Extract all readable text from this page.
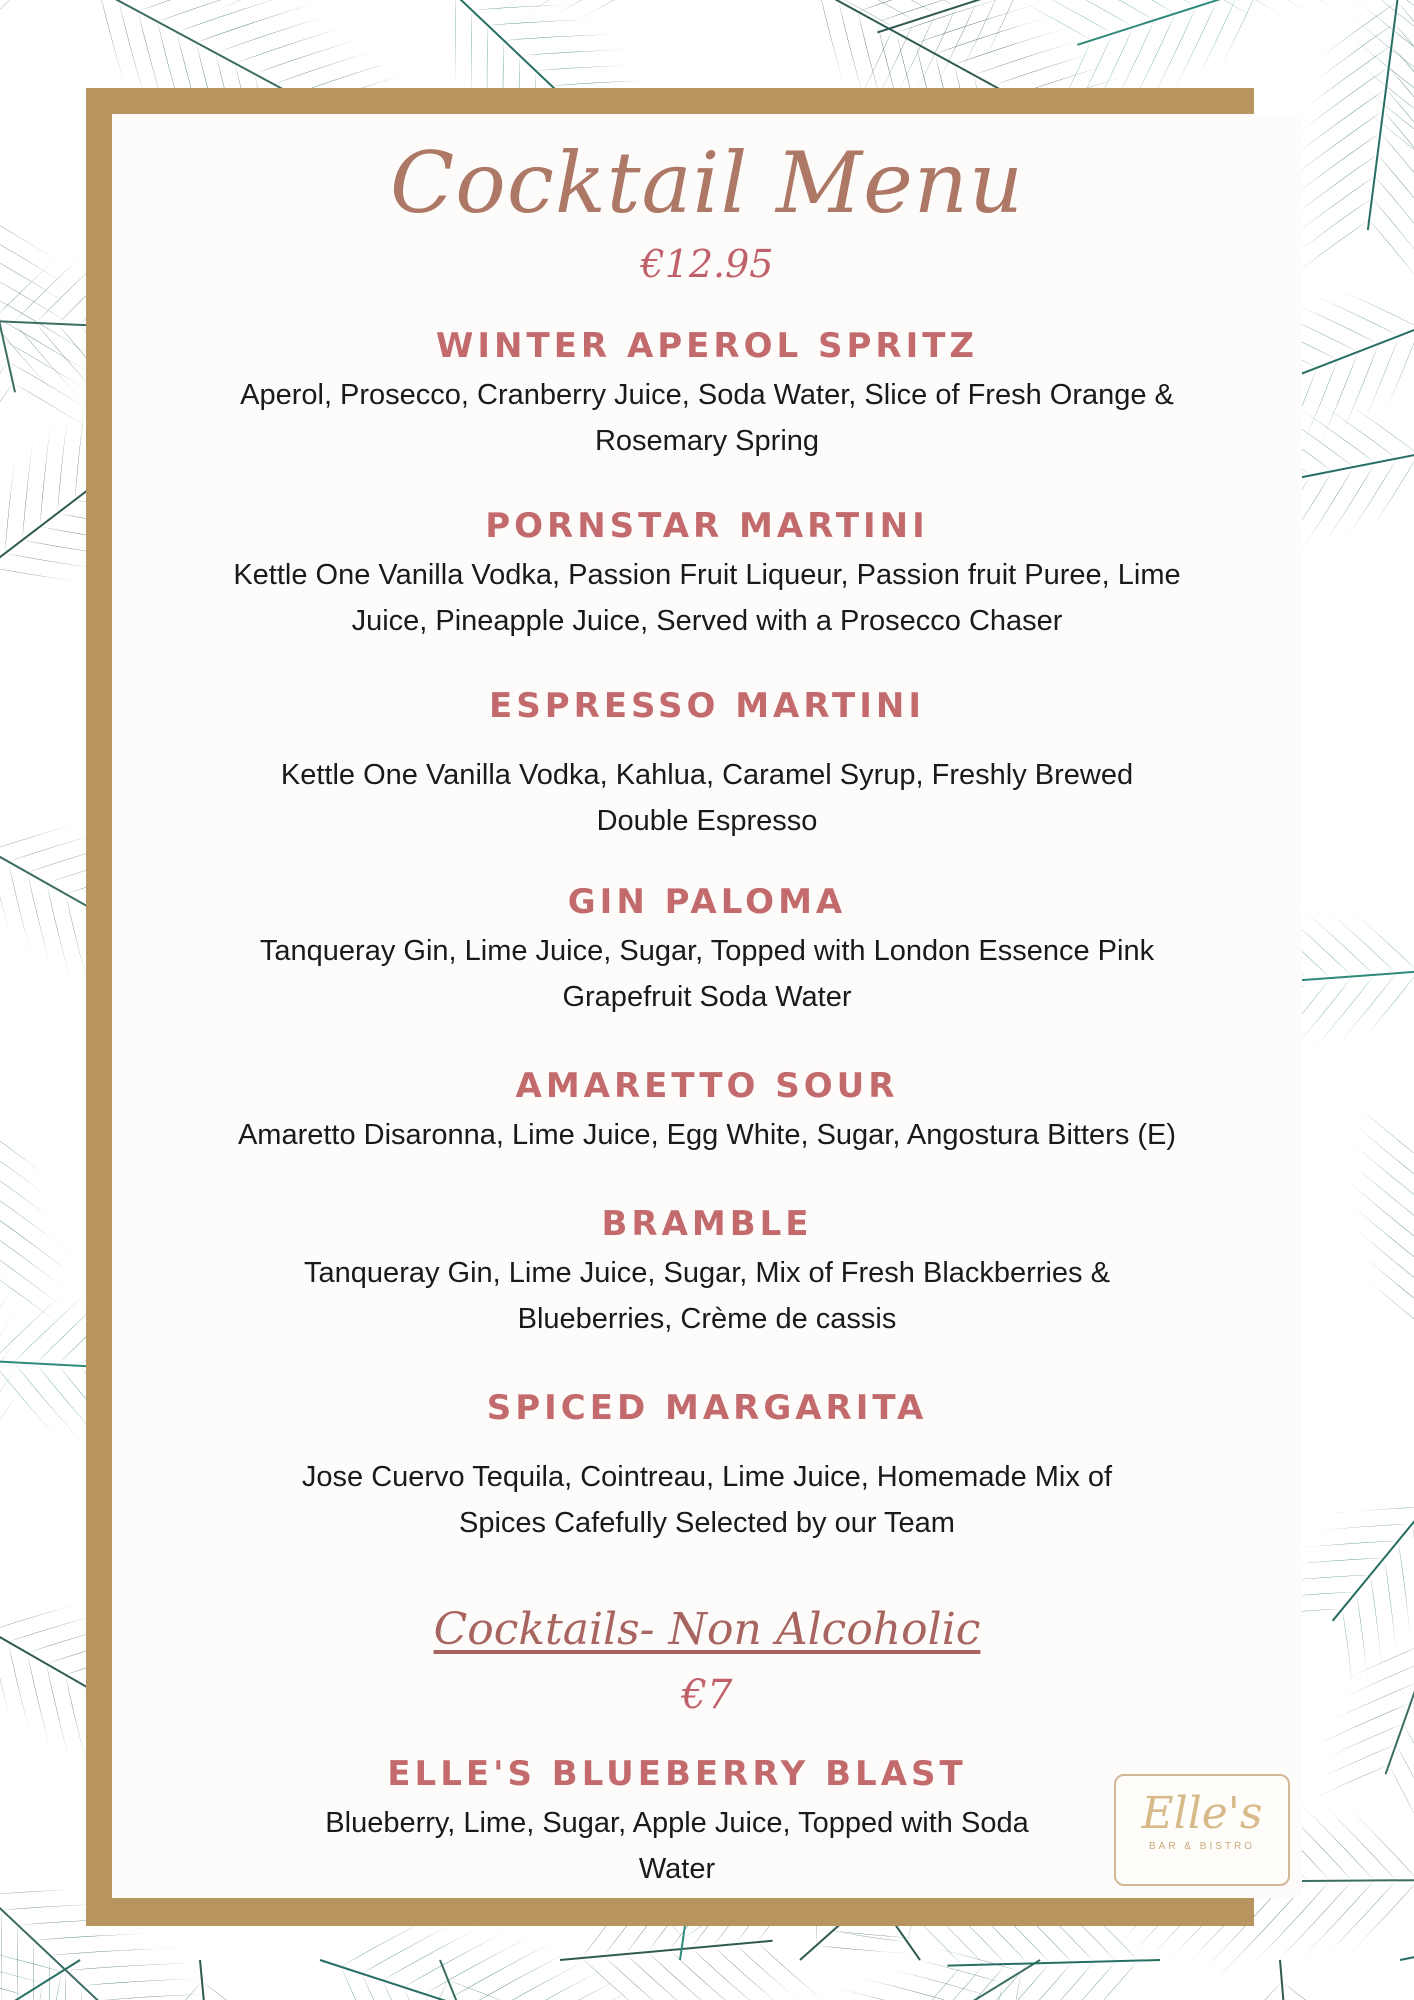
Cocktail Menu
€12.95
WINTER APEROL SPRITZ
Aperol, Prosecco, Cranberry Juice, Soda Water, Slice of Fresh Orange & Rosemary Spring
PORNSTAR MARTINI
Kettle One Vanilla Vodka, Passion Fruit Liqueur, Passion fruit Puree, Lime Juice, Pineapple Juice, Served with a Prosecco Chaser
ESPRESSO MARTINI
Kettle One Vanilla Vodka, Kahlua, Caramel Syrup, Freshly Brewed Double Espresso
GIN PALOMA
Tanqueray Gin, Lime Juice, Sugar, Topped with London Essence Pink Grapefruit Soda Water
AMARETTO SOUR
Amaretto Disaronna, Lime Juice, Egg White, Sugar, Angostura Bitters (E)
BRAMBLE
Tanqueray Gin, Lime Juice, Sugar, Mix of Fresh Blackberries & Blueberries, Crème de cassis
SPICED MARGARITA
Jose Cuervo Tequila, Cointreau, Lime Juice, Homemade Mix of Spices Cafefully Selected by our Team
Cocktails- Non Alcoholic
€7
ELLE'S BLUEBERRY BLAST
Blueberry, Lime, Sugar, Apple Juice, Topped with Soda Water
Elle's
BAR & BISTRO
